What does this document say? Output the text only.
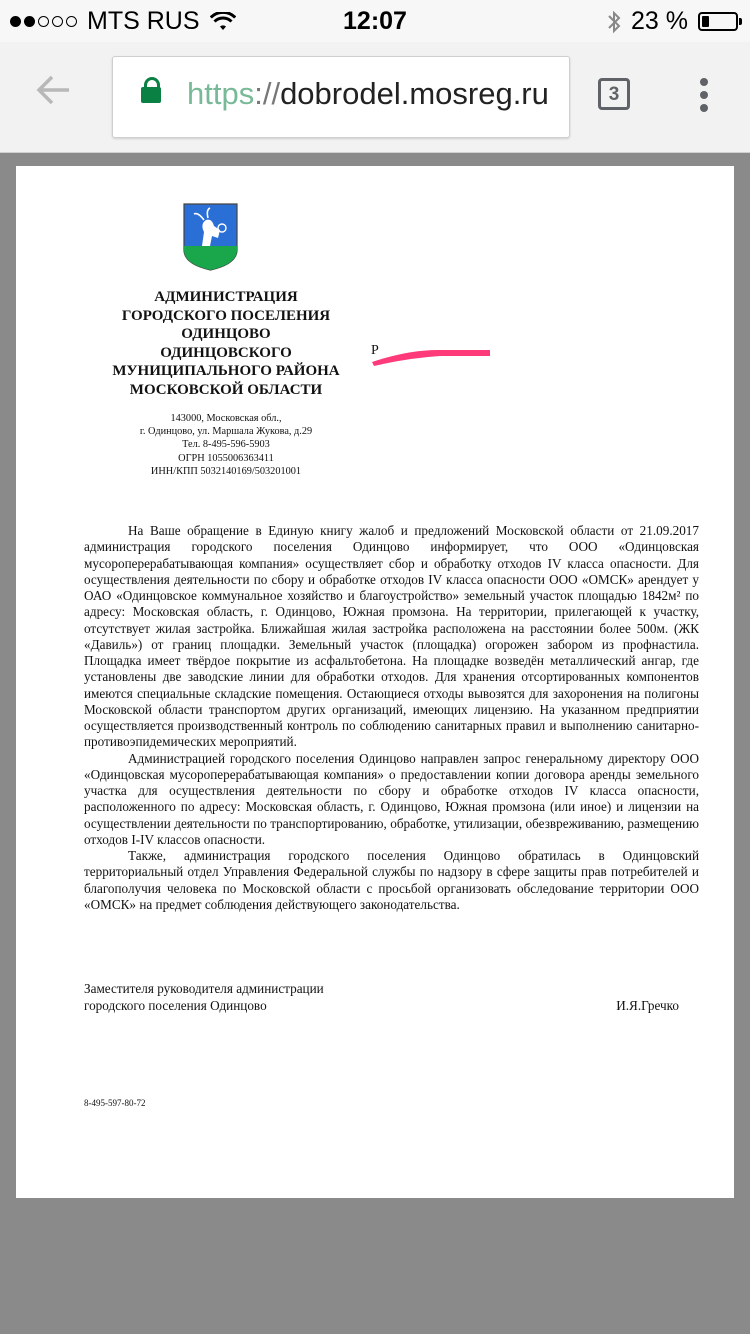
MTS RUS	12:07	23 %
https://dobrodel.mosreg.ru	3
АДМИНИСТРАЦИЯ
ГОРОДСКОГО ПОСЕЛЕНИЯ
ОДИНЦОВО
ОДИНЦОВСКОГО
МУНИЦИПАЛЬНОГО РАЙОНА
МОСКОВСКОЙ ОБЛАСТИ
143000, Московская обл.,
г. Одинцово, ул. Маршала Жукова, д.29
Тел. 8-495-596-5903
ОГРН 1055006363411
ИНН/КПП 5032140169/503201001
Р

На Ваше обращение в Единую книгу жалоб и предложений Московской области от 21.09.2017 администрация городского поселения Одинцово информирует, что ООО «Одинцовская мусороперерабатывающая компания» осуществляет сбор и обработку отходов IV класса опасности. Для осуществления деятельности по сбору и обработке отходов IV класса опасности ООО «ОМСК» арендует у ОАО «Одинцовское коммунальное хозяйство и благоустройство» земельный участок площадью 1842м² по адресу: Московская область, г. Одинцово, Южная промзона. На территории, прилегающей к участку, отсутствует жилая застройка. Ближайшая жилая застройка расположена на расстоянии более 500м. (ЖК «Давиль») от границ площадки. Земельный участок (площадка) огорожен забором из профнастила. Площадка имеет твёрдое покрытие из асфальтобетона. На площадке возведён металлический ангар, где установлены две заводские линии для обработки отходов. Для хранения отсортированных компонентов имеются специальные складские помещения. Остающиеся отходы вывозятся для захоронения на полигоны Московской области транспортом других организаций, имеющих лицензию. На указанном предприятии осуществляется производственный контроль по соблюдению санитарных правил и выполнению санитарно-противоэпидемических мероприятий.

Администрацией городского поселения Одинцово направлен запрос генеральному директору ООО «Одинцовская мусороперерабатывающая компания» о предоставлении копии договора аренды земельного участка для осуществления деятельности по сбору и обработке отходов IV класса опасности, расположенного по адресу: Московская область, г. Одинцово, Южная промзона (или иное) и лицензии на осуществлении деятельности по транспортированию, обработке, утилизации, обезвреживанию, размещению отходов I-IV классов опасности.

Также, администрация городского поселения Одинцово обратилась в Одинцовский территориальный отдел Управления Федеральной службы по надзору в сфере защиты прав потребителей и благополучия человека по Московской области с просьбой организовать обследование территории ООО «ОМСК» на предмет соблюдения действующего законодательства.

Заместителя руководителя администрации
городского поселения Одинцово	И.Я.Гречко
8-495-597-80-72
